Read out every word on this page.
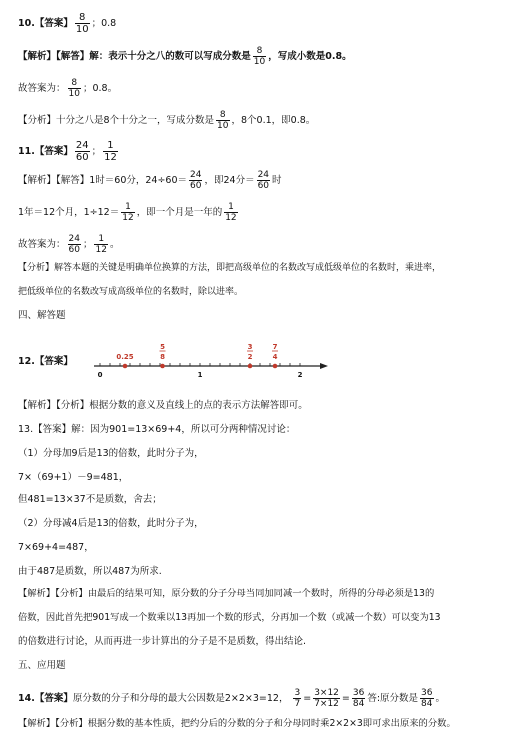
10.【答案】 $\frac{8}{10}$ ；0.8
【解析】【解答】解：表示十分之八的数可以写成分数是 $\frac{8}{10}$ ，写成小数是0.8。
故答案为： $\frac{8}{10}$ ；0.8。
【分析】十分之八是8个十分之一，写成分数是 $\frac{8}{10}$ ，8个0.1，即0.8。
11.【答案】 $\frac{24}{60}$ ； $\frac{1}{12}$
【解析】【解答】1时＝60分，$24\div 60= \frac{24}{60}$ ，即24分＝ $\frac{24}{60}$ 时
1年＝12个月，$1\div 12= \frac{1}{12}$ ，即一个月是一年的 $\frac{1}{12}$
故答案为： $\frac{24}{60}$ ； $\frac{1}{12}$ 。
【分析】解答本题的关键是明确单位换算的方法，即把高级单位的名数改写成低级单位的名数时，乘进率，
把低级单位的名数改写成高级单位的名数时，除以进率。
四、解答题
12.【答案】
0	1	2
0.25
5
8
3
2
7
4
【解析】【分析】根据分数的意义及直线上的点的表示方法解答即可。
13.【答案】解：因为901=13×69+4，所以可分两种情况讨论：
（1）分母加9后是13的倍数，此时分子为，
7×（69+1）－9=481，
但481=13×37不是质数，舍去；
（2）分母减4后是13的倍数，此时分子为，
7×69+4=487，
由于487是质数，所以487为所求.
【解析】【分析】由最后的结果可知，原分数的分子分母当同加同减一个数时，所得的分母必须是13的
倍数，因此首先把901写成一个数乘以13再加一个数的形式，分再加一个数（或减一个数）可以变为13
的倍数进行讨论，从而再进一步计算出的分子是不是质数，得出结论.
五、应用题
14.【答案】原分数的分子和分母的最大公因数是2×2×3=12， $\frac{3}{7} = \frac{3\times 12}{7\times 12} = \frac{36}{84}$ 答:原分数是 $\frac{36}{84}$ 。
【解析】【分析】根据分数的基本性质，把约分后的分数的分子和分母同时乘2×2×3即可求出原来的分数。
